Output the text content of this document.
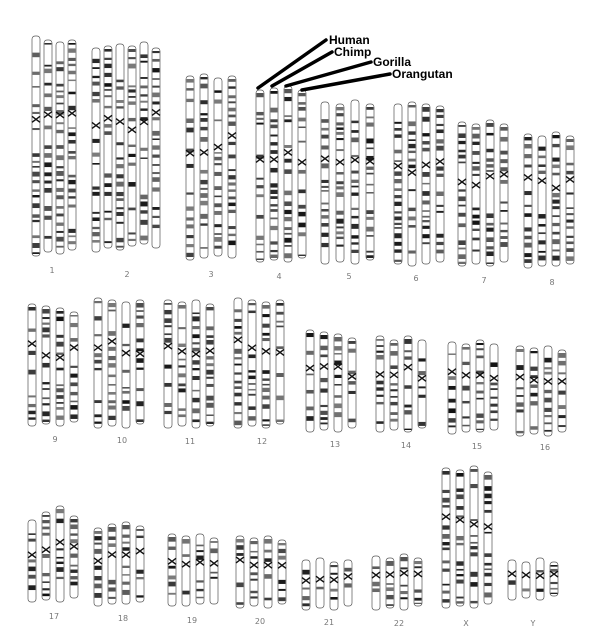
1	2	3	4	5	6	7	8
9	10	11	12	13	14	15	16
17	18	19	20	21	22	X	Y
Human
Chimp
Gorilla
Orangutan
